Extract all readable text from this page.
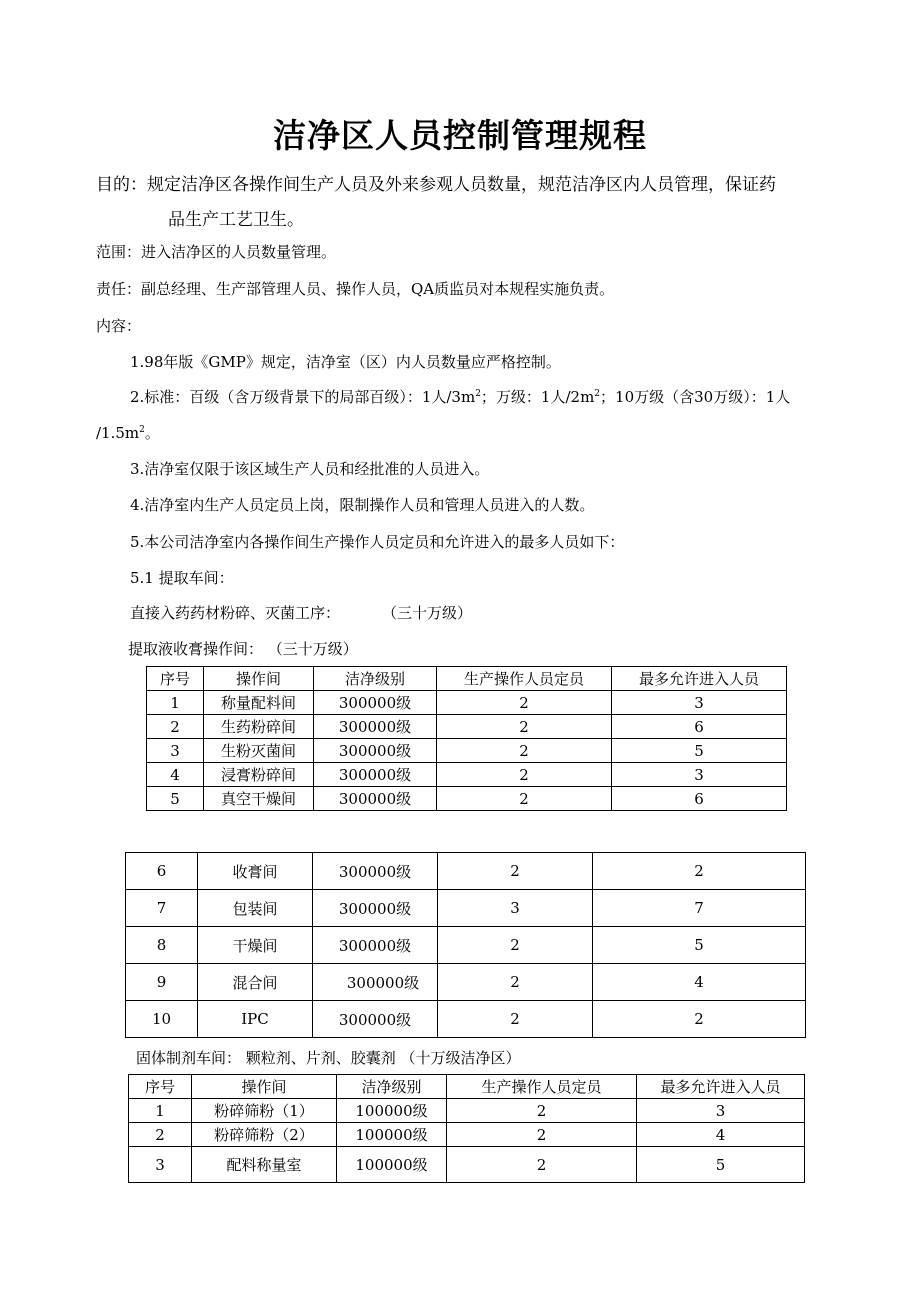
洁净区人员控制管理规程
目的：规定洁净区各操作间生产人员及外来参观人员数量，规范洁净区内人员管理，保证药
品生产工艺卫生。
范围：进入洁净区的人员数量管理。
责任：副总经理、生产部管理人员、操作人员，QA质监员对本规程实施负责。
内容：
1.98年版《GMP》规定，洁净室（区）内人员数量应严格控制。
2.标准：百级（含万级背景下的局部百级）：1人$/3m^2$；万级：1人$/2m^2$；10万级（含30万级）：1人
$/1.5m^2$。
3.洁净室仅限于该区域生产人员和经批准的人员进入。
4.洁净室内生产人员定员上岗，限制操作人员和管理人员进入的人数。
5.本公司洁净室内各操作间生产操作人员定员和允许进入的最多人员如下：
5.1 提取车间：
直接入药药材粉碎、灭菌工序：	（三十万级）
提取液收膏操作间： （三十万级）
序号	操作间	洁净级别	生产操作人员定员	最多允许进入人员
1	称量配料间	300000级	2	3
2	生药粉碎间	300000级	2	6
3	生粉灭菌间	300000级	2	5
4	浸膏粉碎间	300000级	2	3
5	真空干燥间	300000级	2	6
6	收膏间	300000级	2	2
7	包装间	300000级	3	7
8	干燥间	300000级	2	5
9	混合间	300000级	2	4
10	IPC	300000级	2	2
固体制剂车间： 颗粒剂、片剂、胶囊剂 （十万级洁净区）
序号	操作间	洁净级别	生产操作人员定员	最多允许进入人员
1	粉碎筛粉（1）	100000级	2	3
2	粉碎筛粉（2）	100000级	2	4
3	配料称量室	100000级	2	5
